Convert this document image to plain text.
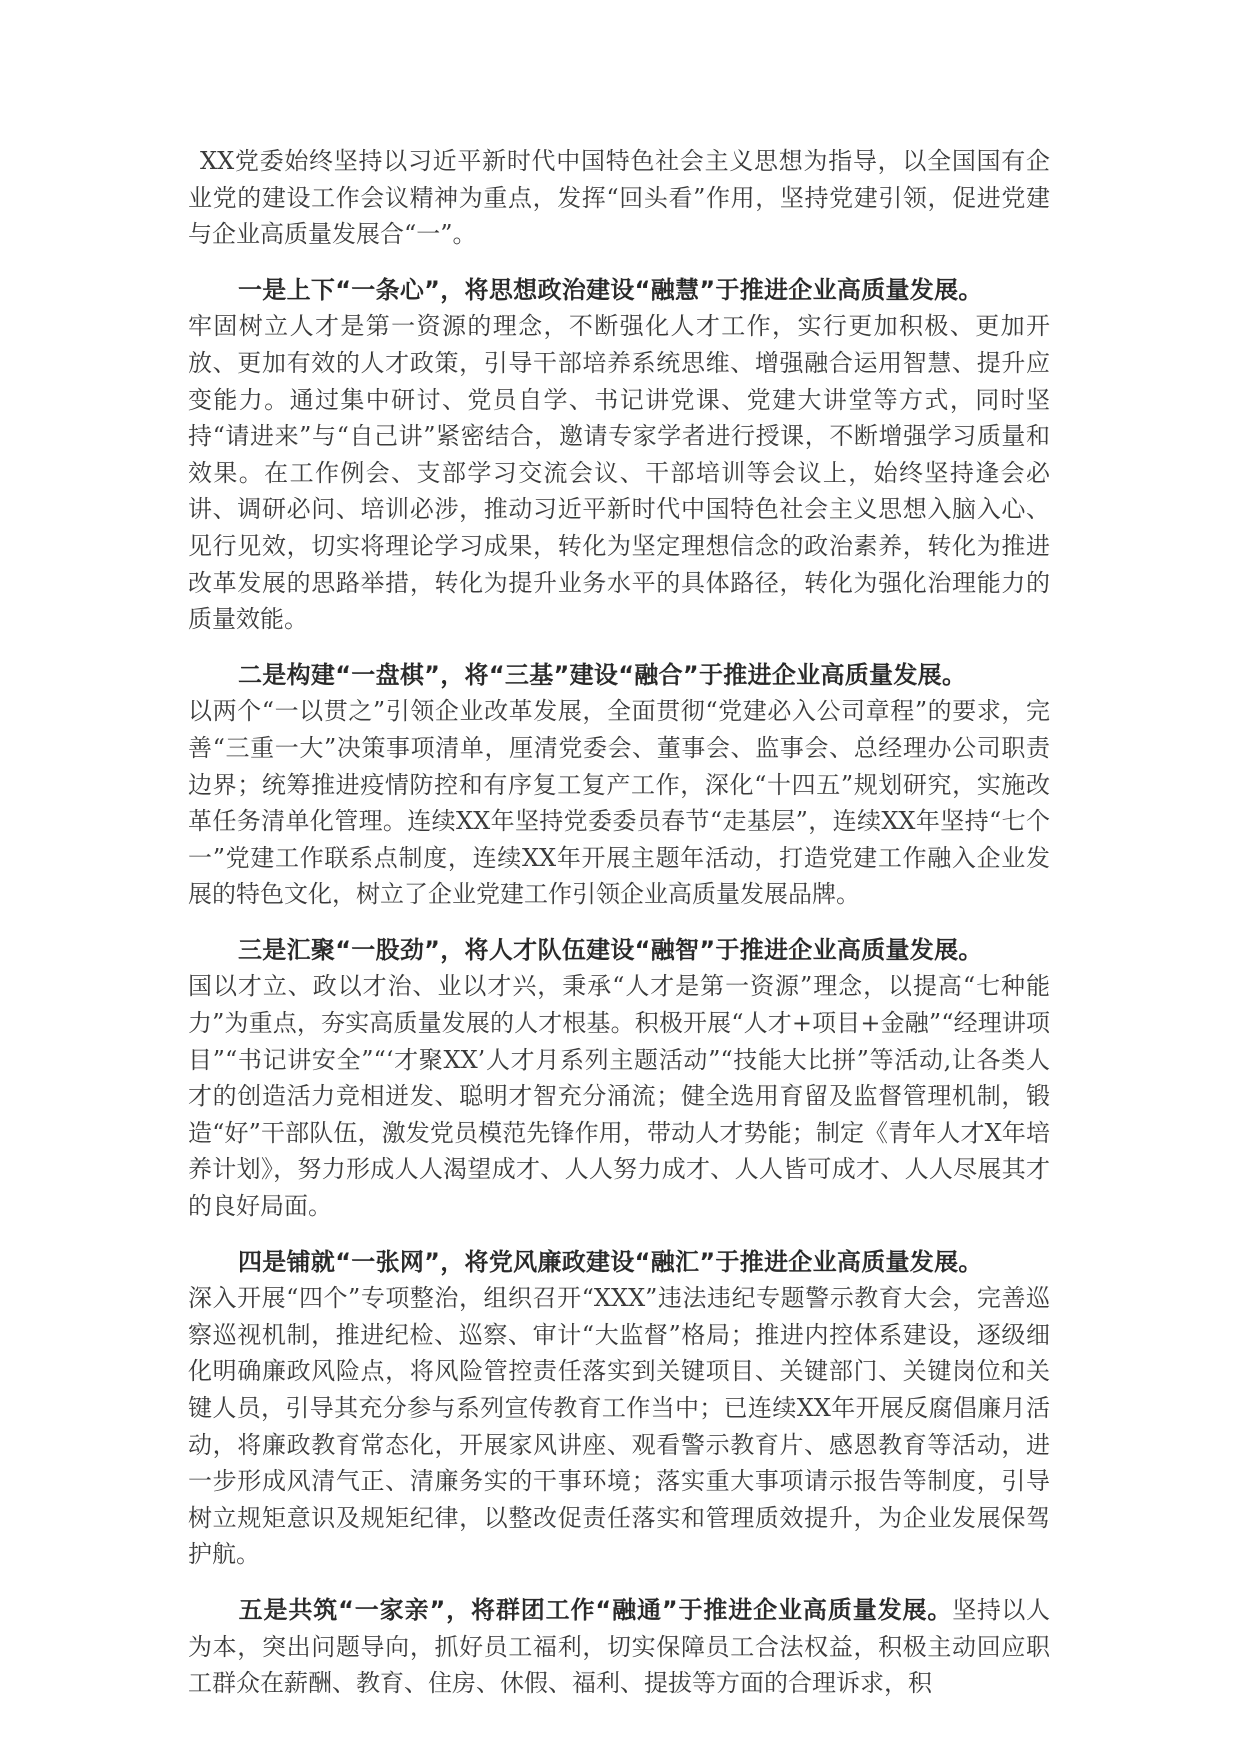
XX党委始终坚持以习近平新时代中国特色社会主义思想为指导，以全国国有企业党的建设工作会议精神为重点，发挥“回头看”作用，坚持党建引领，促进党建与企业高质量发展合“一”。

一是上下“一条心”，将思想政治建设“融慧”于推进企业高质量发展。
牢固树立人才是第一资源的理念，不断强化人才工作，实行更加积极、更加开放、更加有效的人才政策，引导干部培养系统思维、增强融合运用智慧、提升应变能力。通过集中研讨、党员自学、书记讲党课、党建大讲堂等方式，同时坚持“请进来”与“自己讲”紧密结合，邀请专家学者进行授课，不断增强学习质量和效果。在工作例会、支部学习交流会议、干部培训等会议上，始终坚持逢会必讲、调研必问、培训必涉，推动习近平新时代中国特色社会主义思想入脑入心、见行见效，切实将理论学习成果，转化为坚定理想信念的政治素养，转化为推进改革发展的思路举措，转化为提升业务水平的具体路径，转化为强化治理能力的质量效能。

二是构建“一盘棋”，将“三基”建设“融合”于推进企业高质量发展。
以两个“一以贯之”引领企业改革发展，全面贯彻“党建必入公司章程”的要求，完善“三重一大”决策事项清单，厘清党委会、董事会、监事会、总经理办公司职责边界；统筹推进疫情防控和有序复工复产工作，深化“十四五”规划研究，实施改革任务清单化管理。连续XX年坚持党委委员春节“走基层”，连续XX年坚持“七个一”党建工作联系点制度，连续XX年开展主题年活动，打造党建工作融入企业发展的特色文化，树立了企业党建工作引领企业高质量发展品牌。

三是汇聚“一股劲”，将人才队伍建设“融智”于推进企业高质量发展。
国以才立、政以才治、业以才兴，秉承“人才是第一资源”理念，以提高“七种能力”为重点，夯实高质量发展的人才根基。积极开展“人才+项目+金融”“经理讲项目”“书记讲安全”“‘才聚XX’人才月系列主题活动”“技能大比拼”等活动,让各类人才的创造活力竞相迸发、聪明才智充分涌流；健全选用育留及监督管理机制，锻造“好”干部队伍，激发党员模范先锋作用，带动人才势能；制定《青年人才X年培养计划》，努力形成人人渴望成才、人人努力成才、人人皆可成才、人人尽展其才的良好局面。

四是铺就“一张网”，将党风廉政建设“融汇”于推进企业高质量发展。
深入开展“四个”专项整治，组织召开“XXX”违法违纪专题警示教育大会，完善巡察巡视机制，推进纪检、巡察、审计“大监督”格局；推进内控体系建设，逐级细化明确廉政风险点，将风险管控责任落实到关键项目、关键部门、关键岗位和关键人员，引导其充分参与系列宣传教育工作当中；已连续XX年开展反腐倡廉月活动，将廉政教育常态化，开展家风讲座、观看警示教育片、感恩教育等活动，进一步形成风清气正、清廉务实的干事环境；落实重大事项请示报告等制度，引导树立规矩意识及规矩纪律，以整改促责任落实和管理质效提升，为企业发展保驾护航。

五是共筑“一家亲”，将群团工作“融通”于推进企业高质量发展。坚持以人为本，突出问题导向，抓好员工福利，切实保障员工合法权益，积极主动回应职工群众在薪酬、教育、住房、休假、福利、提拔等方面的合理诉求，积
